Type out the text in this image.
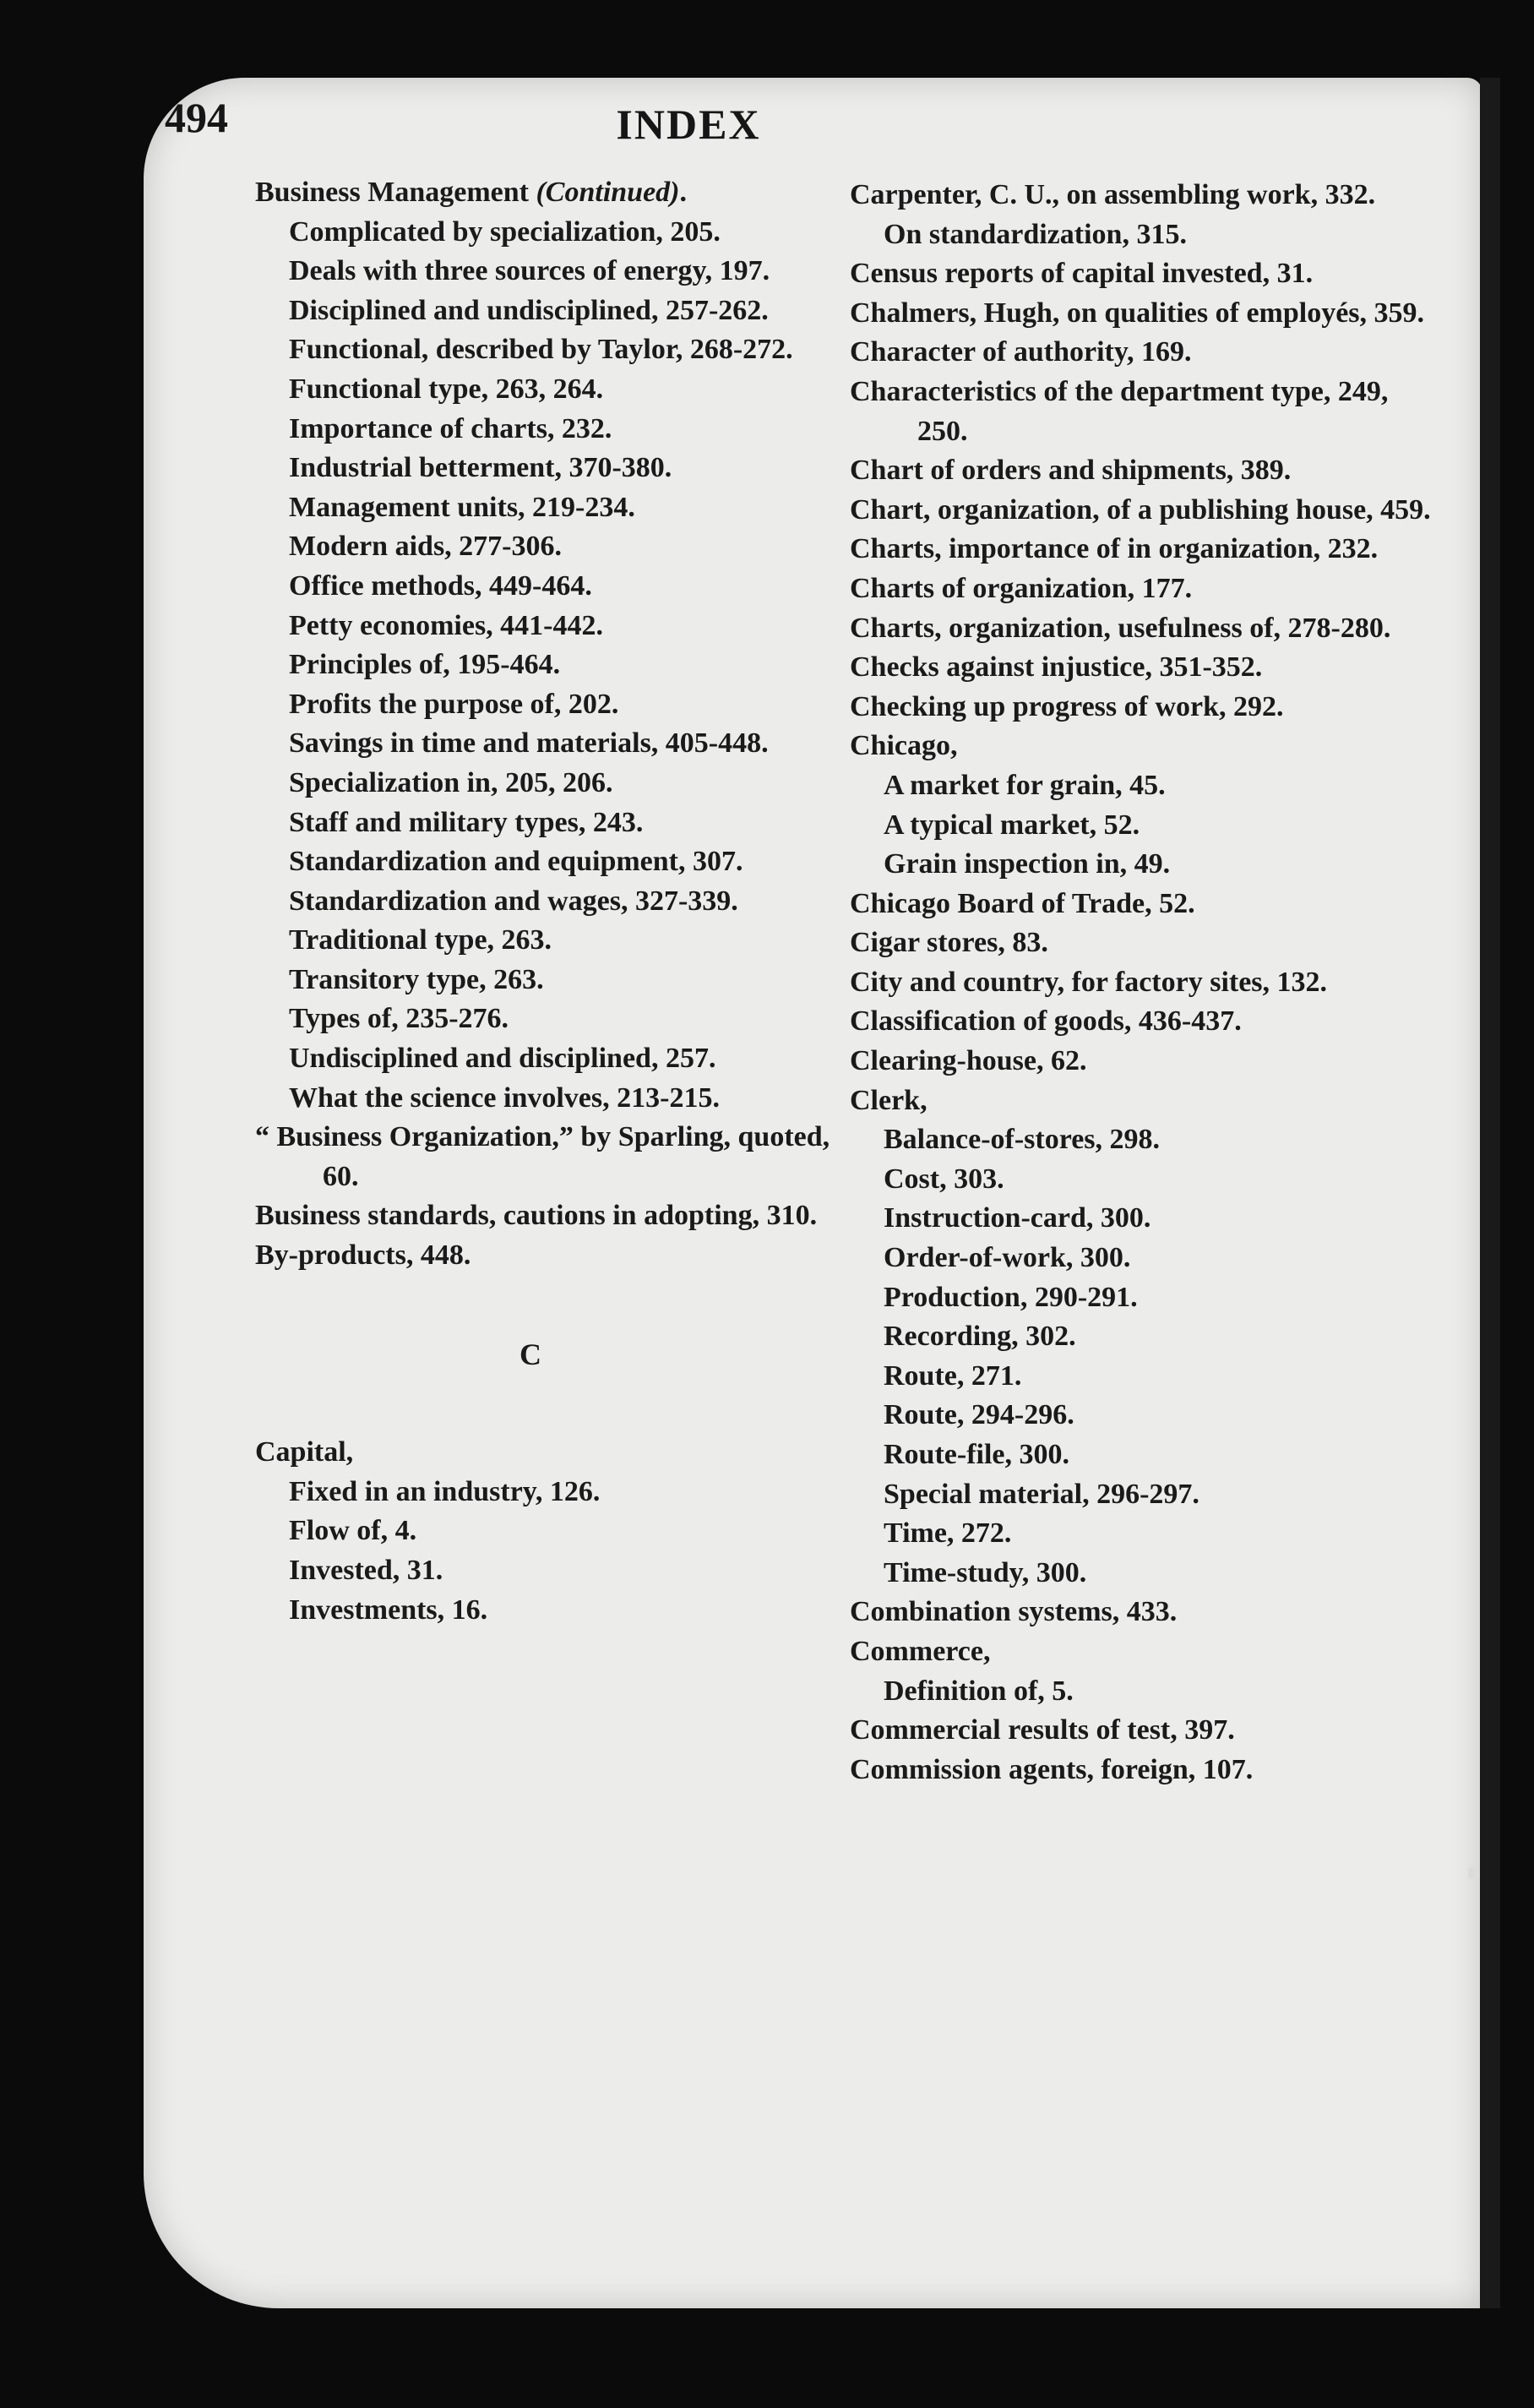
494	INDEX

Business Management (Continued).

Complicated by specialization, 205.

Deals with three sources of energy, 197.

Disciplined and undisciplined, 257-262.

Functional, described by Taylor, 268-272.

Functional type, 263, 264.

Importance of charts, 232.

Industrial betterment, 370-380.

Management units, 219-234.

Modern aids, 277-306.

Office methods, 449-464.

Petty economies, 441-442.

Principles of, 195-464.

Profits the purpose of, 202.

Savings in time and materials, 405-448.

Specialization in, 205, 206.

Staff and military types, 243.

Standardization and equipment, 307.

Standardization and wages, 327-339.

Traditional type, 263.

Transitory type, 263.

Types of, 235-276.

Undisciplined and disciplined, 257.

What the science involves, 213-215.

“ Business Organization,” by Sparling, quoted, 60.

Business standards, cautions in adopting, 310.

By-products, 448.

C

Capital,

Fixed in an industry, 126.

Flow of, 4.

Invested, 31.

Investments, 16.

Carpenter, C. U., on assembling work, 332.

On standardization, 315.

Census reports of capital invested, 31.

Chalmers, Hugh, on qualities of employés, 359.

Character of authority, 169.

Characteristics of the department type, 249, 250.

Chart of orders and shipments, 389.

Chart, organization, of a publishing house, 459.

Charts, importance of in organization, 232.

Charts of organization, 177.

Charts, organization, usefulness of, 278-280.

Checks against injustice, 351-352.

Checking up progress of work, 292.

Chicago,

A market for grain, 45.

A typical market, 52.

Grain inspection in, 49.

Chicago Board of Trade, 52.

Cigar stores, 83.

City and country, for factory sites, 132.

Classification of goods, 436-437.

Clearing-house, 62.

Clerk,

Balance-of-stores, 298.

Cost, 303.

Instruction-card, 300.

Order-of-work, 300.

Production, 290-291.

Recording, 302.

Route, 271.

Route, 294-296.

Route-file, 300.

Special material, 296-297.

Time, 272.

Time-study, 300.

Combination systems, 433.

Commerce,

Definition of, 5.

Commercial results of test, 397.

Commission agents, foreign, 107.
